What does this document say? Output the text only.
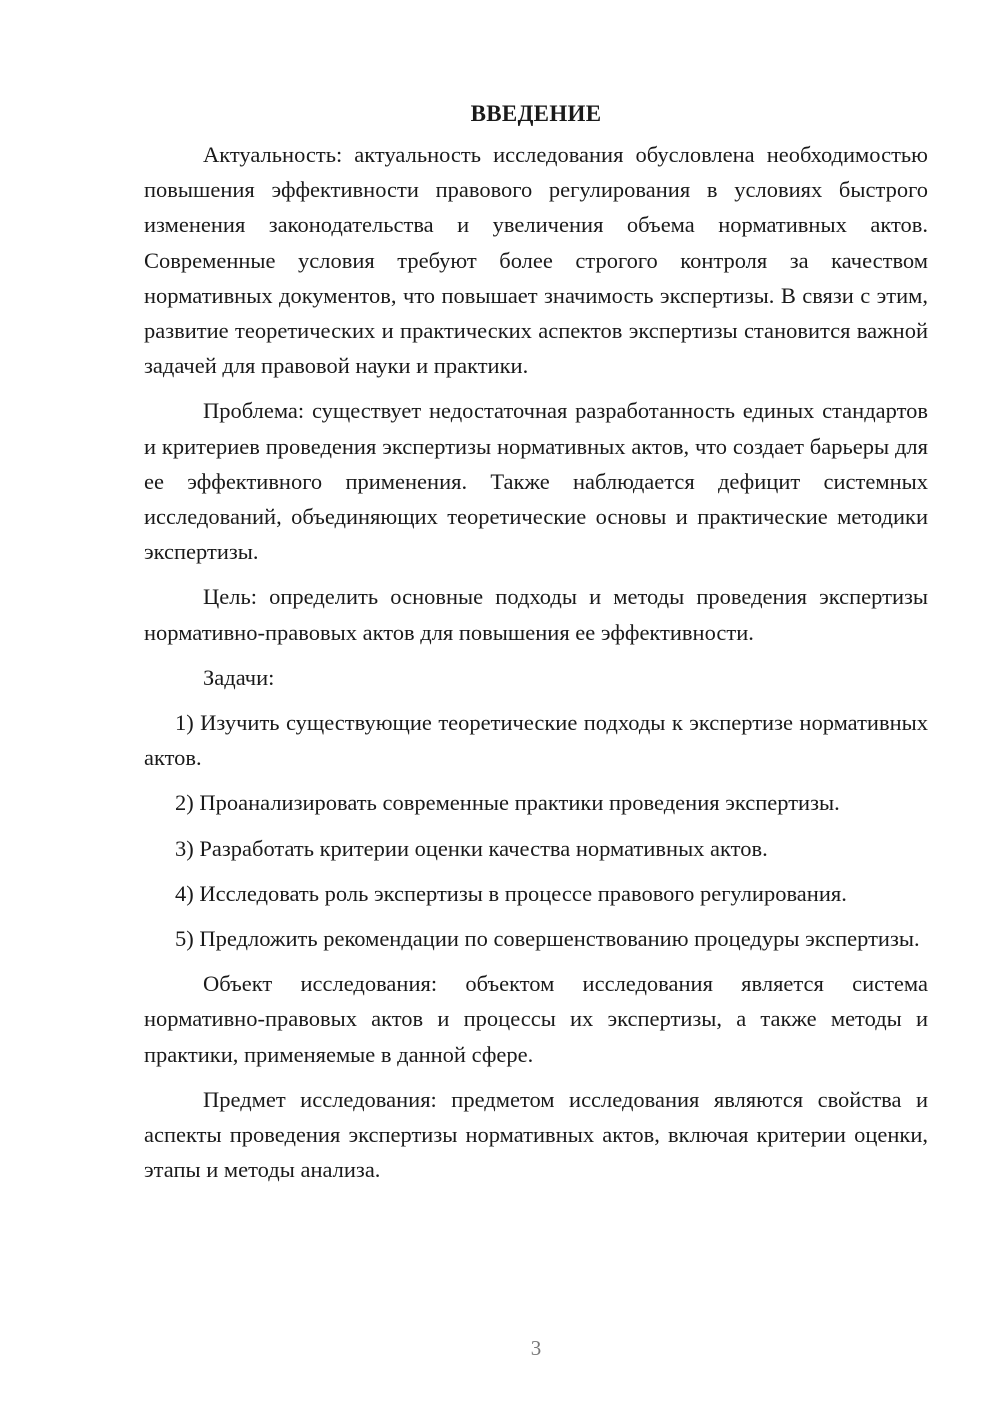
ВВЕДЕНИЕ

Актуальность: актуальность исследования обусловлена необходимостью повышения эффективности правового регулирования в условиях быстрого изменения законодательства и увеличения объема нормативных актов. Современные условия требуют более строгого контроля за качеством нормативных документов, что повышает значимость экспертизы. В связи с этим, развитие теоретических и практических аспектов экспертизы становится важной задачей для правовой науки и практики.

Проблема: существует недостаточная разработанность единых стандартов и критериев проведения экспертизы нормативных актов, что создает барьеры для ее эффективного применения. Также наблюдается дефицит системных исследований, объединяющих теоретические основы и практические методики экспертизы.

Цель: определить основные подходы и методы проведения экспертизы нормативно-правовых актов для повышения ее эффективности.

Задачи:

1) Изучить существующие теоретические подходы к экспертизе нормативных актов.

2) Проанализировать современные практики проведения экспертизы.

3) Разработать критерии оценки качества нормативных актов.

4) Исследовать роль экспертизы в процессе правового регулирования.

5) Предложить рекомендации по совершенствованию процедуры экспертизы.

Объект исследования: объектом исследования является система нормативно-правовых актов и процессы их экспертизы, а также методы и практики, применяемые в данной сфере.

Предмет исследования: предметом исследования являются свойства и аспекты проведения экспертизы нормативных актов, включая критерии оценки, этапы и методы анализа.

3
